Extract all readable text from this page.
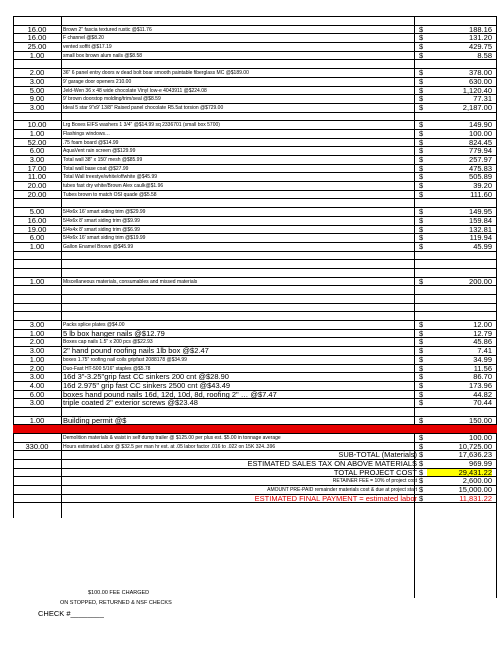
16.00	Brown 2" fascia textured rustic @$11.76	$	188.16
16.00	F channel @$8.20	$	131.20
25.00	vented soffit @$17.19	$	429.75
1.00	small box brown alum nails @$8.58	$	8.58
2.00	36" 6 panel entry doors w dead bolt boar smooth paintable fiberglass MC @$189.00	$	378.00
3.00	9' garage door openers 210.00	$	630.00
5.00	Jeld-Wen 36 x 48 wide chocolate Vinyl low-e 4043911 @$224.08	$	1,120.40
9.00	9' brown doorstop molding/trim/seal @$8.59	$	77.31
3.00	Ideal 5 star 9"x9' 13/8" Raised panel chocolate R5.5at torsion @$729.00	$	2,187.00
10.00	Lrg Boxes EIFS washers 1 3/4" @$14.99 sq 2336701 (small box 5700)	$	149.90
1.00	Flashings windows…	$	100.00
52.00	.75 foam board @$14.99	$	824.45
6.00	AquaVent rain screen @$129.99	$	779.94
3.00	Total wall 38" x 150' mesh @$85.99	$	257.97
17.00	Total wall base coat @$27.99	$	475.83
11.00	Total Wall treestye/white/offwhite @$45.99	$	505.89
20.00	tubes fast dry white/Brown Alex caulk@$1.96	$	39.20
20.00	Tubes brown to match OSI quade @$5.58	$	111.60
5.00	5/4x6x 16' smart siding trim @$29.99	$	149.95
16.00	5/4x6x 8' smart siding trim @$9.99	$	159.84
19.00	5/4x4x 8' smart siding trim @$6.99	$	132.81
6.00	5/4x6x 16' smart siding trim @$19.99	$	119.94
1.00	Gallon Enamel Brown @$45.99	$	45.99
1.00	Miscellaneous materials, consumables and missed materials	$	200.00
3.00	Packs splice plates @$4.00	$	12.00
1.00	5 lb box hanger nails @$12.79	$	12.79
2.00	Boxes cap nails 1.5" x 200 pcs @$22.93	$	45.86
3.00	2" hand pound roofing nails 1lb box @$2.47	$	7.41
1.00	boxes 1.75" roofing nail coils gripfast 2088178 @$34.99	$	34.99
2.00	Duo-Fast HT-500 5/16" staples @$5.78	$	11.56
3.00	16d 3"-3.25"grip fast CC sinkers 200 cnt @$28.90	$	86.70
4.00	16d 2.975" grip fast CC sinkers 2500 cnt @$43.49	$	173.96
6.00	boxes hand pound nails 16d, 12d, 10d, 8d, roofing 2" … @$7.47	$	44.82
3.00	triple coated 2" exterior screws @$23.48	$	70.44
1.00	Building permit @$	$	150.00
Demolition materials & waist in self dump trailer @ $125.00 per plus est. $5.00 in tonnage average	$	100.00
330.00	Hours estimated Labor @ $32.5 per man hr est. at .05 labor factor .016 to .022 on 15K 324..396	$	10,725.00
SUB-TOTAL (Materials) $	17,636.23
ESTIMATED SALES TAX ON ABOVE MATERIALS $	969.99
TOTAL PROJECT COST $	29,431.22
RETAINER FEE = 10% of project cost $	2,600.00
AMOUNT PRE-PAID remainder materials cost & due at project start $	15,000.00
ESTIMATED FINAL PAYMENT = estimated labor $	11,831.22
$100.00 FEE CHARGED
ON STOPPED, RETURNED & NSF CHECKS
CHECK #________
